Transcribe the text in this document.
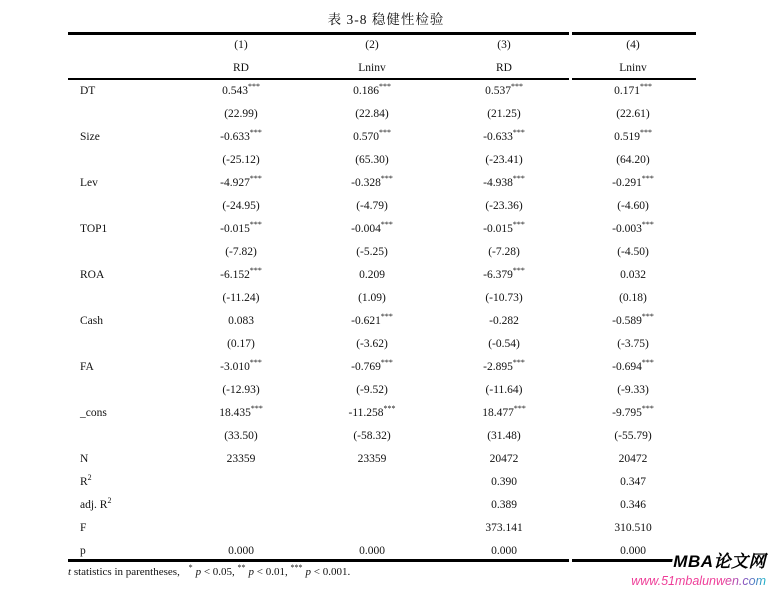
表 3-8 稳健性检验
	(1)	(2)	(3)	(4)
	RD	Lninv	RD	Lninv
DT	0.543***	0.186***	0.537***	0.171***
	(22.99)	(22.84)	(21.25)	(22.61)
Size	-0.633***	0.570***	-0.633***	0.519***
	(-25.12)	(65.30)	(-23.41)	(64.20)
Lev	-4.927***	-0.328***	-4.938***	-0.291***
	(-24.95)	(-4.79)	(-23.36)	(-4.60)
TOP1	-0.015***	-0.004***	-0.015***	-0.003***
	(-7.82)	(-5.25)	(-7.28)	(-4.50)
ROA	-6.152***	0.209	-6.379***	0.032
	(-11.24)	(1.09)	(-10.73)	(0.18)
Cash	0.083	-0.621***	-0.282	-0.589***
	(0.17)	(-3.62)	(-0.54)	(-3.75)
FA	-3.010***	-0.769***	-2.895***	-0.694***
	(-12.93)	(-9.52)	(-11.64)	(-9.33)
_cons	18.435***	-11.258***	18.477***	-9.795***
	(33.50)	(-58.32)	(31.48)	(-55.79)
N	23359	23359	20472	20472
$R^2$			0.390	0.347
adj. $R^2$			0.389	0.346
F			373.141	310.510
p	0.000	0.000	0.000	0.000
t statistics in parentheses, * p < 0.05, ** p < 0.01, *** p < 0.001.
MBA论文网
www.51mbalunwen.com
